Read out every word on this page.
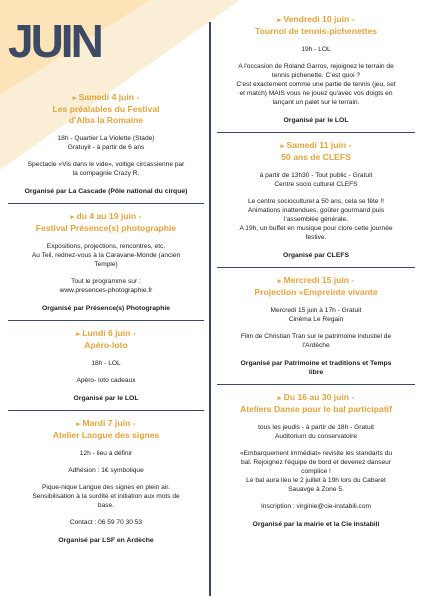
JUIN
▸ Samedi 4 juin -
Les préalables du Festival
d'Alba la Romaine
18h - Quartier La Violette (Stade)
Gratuyit - à partir de 6 ans
Spectacle «Vis dans le vide», voltige circassienne par
la compagnie Crazy R.
Organisé par La Cascade (Pôle national du cirque)
▸ du 4 au 19 juin -
Festival Présence(s) photographie
Expositions, projections, rencontres, etc.
Au Teil, rednez-vous à la Caravane-Monde (ancien
Temple)
Tout le programme sur :
www.presences-photographie.fr
Organisé par Présence(s) Photographie
▸ Lundi 6 juin -
Apéro-loto
18h - LOL
Apéro- loto cadeaux
Organisé par le LOL
▸ Mardi 7 juin -
Atelier Langue des signes
12h - lieu à définir
Adhésion : 1€ symbolique
Pique-nique Langue des signes en plein air.
Sensibilisation à la surdité et initiation aux mots de
base.
Contact : 06 59 70 30 53
Organisé par LSF en Ardèche
▸ Vendredi 10 juin -
Tournoi de tennis-pichenettes
19h - LOL
A l'occasion de Roland Garros, rejoignez le terrain de
tennis pichenette. C'est quoi ?
C'est exactement comme une partie de tennis (jeu, set
et match) MAIS vous ne jouez qu'avec vos doigts en
lançant un palet sur le terrain.
Organisé par le LOL
▸ Samedi 11 juin -
50 ans de CLEFS
à partir de 13h30 - Tout public - Gratuit
Centre socio culturel CLEFS
Le centre socioculturel a 50 ans, cela se fête !!
Animations inattendues, goûter gourmand puis
l'assemblée générale.
A 19h, un buffet en musique pour clore cette journée
festive.
Organisé par CLEFS
▸ Mercredi 15 juin -
Projection «Empreinte vivante
Mercredi 15 juin à 17h - Gratuit
Cinéma Le Regain
Film de Christian Tran sur le patrimoine industiel de
l'Ardèche
Organisé par Patrimoine et traditions et Temps
libre
▸ Du 16 au 30 juin -
Ateliers Danse pour le bal participatif
tous les jeudis - à partir de 18h - Gratuit
Auditorium du conservatoire
«Embarquement immédiat» revisite les standarts du
bal. Rejoignez l'équipe de bord et devenez danseur
complice !
Le bal aura lieu le 2 juillet à 19h lors du Cabaret
Sauavge à Zone 5.
Inscription : virginie@cie-instabili.com
Organisé par la mairie et la Cie Instabili
